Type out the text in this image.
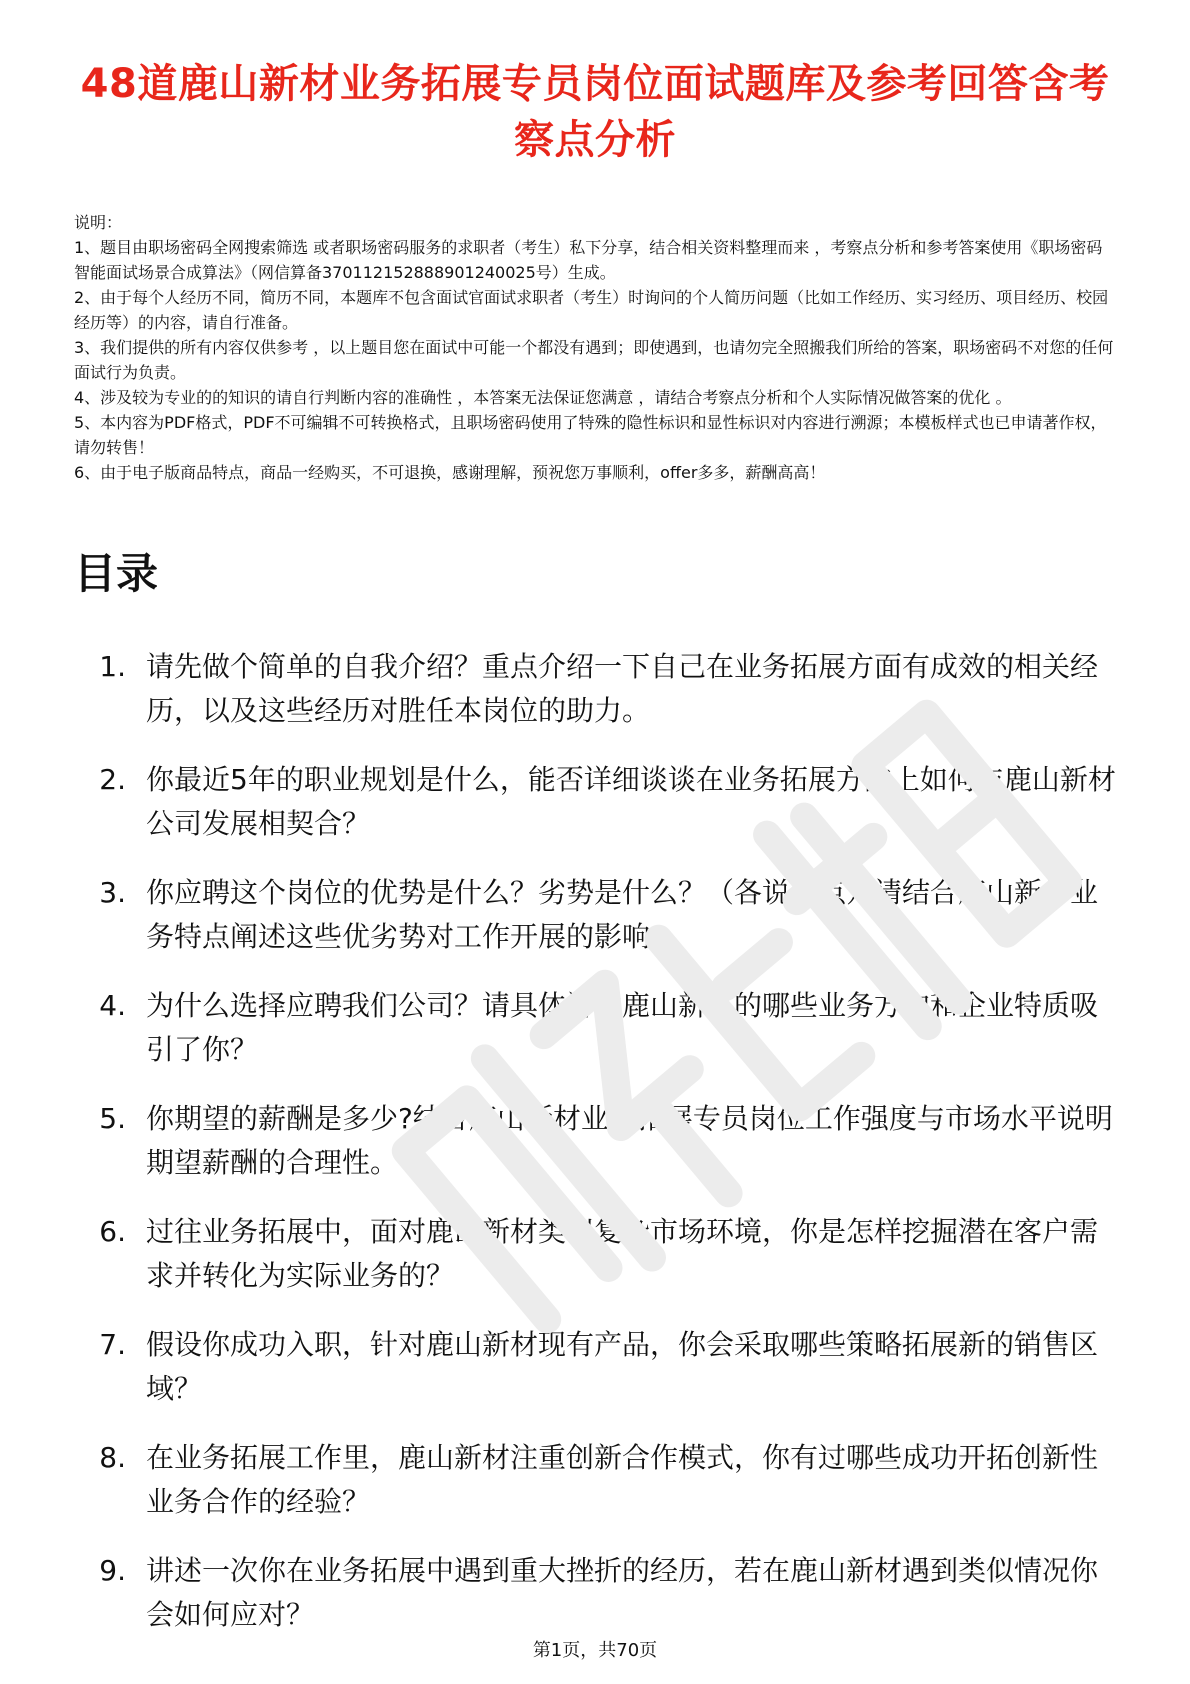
48道鹿山新材业务拓展专员岗位面试题库及参考回答含考察点分析
说明：
1、题目由职场密码全网搜索筛选 或者职场密码服务的求职者（考生）私下分享，结合相关资料整理而来 ，考察点分析和参考答案使用《职场密码智能面试场景合成算法》（网信算备370112152888901240025号）生成。
2、由于每个人经历不同，简历不同，本题库不包含面试官面试求职者（考生）时询问的个人简历问题（比如工作经历、实习经历、项目经历、校园经历等）的内容，请自行准备。
3、我们提供的所有内容仅供参考 ，以上题目您在面试中可能一个都没有遇到；即使遇到，也请勿完全照搬我们所给的答案，职场密码不对您的任何面试行为负责。
4、涉及较为专业的的知识的请自行判断内容的准确性 ，本答案无法保证您满意 ，请结合考察点分析和个人实际情况做答案的优化 。
5、本内容为PDF格式，PDF不可编辑不可转换格式，且职场密码使用了特殊的隐性标识和显性标识对内容进行溯源；本模板样式也已申请著作权，请勿转售！
6、由于电子版商品特点，商品一经购买，不可退换，感谢理解，预祝您万事顺利，offer多多，薪酬高高！
目录
1. 请先做个简单的自我介绍？重点介绍一下自己在业务拓展方面有成效的相关经历，以及这些经历对胜任本岗位的助力。
2. 你最近5年的职业规划是什么，能否详细谈谈在业务拓展方向上如何与鹿山新材公司发展相契合？
3. 你应聘这个岗位的优势是什么？劣势是什么？（各说三点）请结合鹿山新材业务特点阐述这些优劣势对工作开展的影响。
4. 为什么选择应聘我们公司？请具体讲讲鹿山新材的哪些业务方向和企业特质吸引了你？
5. 你期望的薪酬是多少?结合鹿山新材业务拓展专员岗位工作强度与市场水平说明期望薪酬的合理性。
6. 过往业务拓展中，面对鹿山新材类似复杂市场环境，你是怎样挖掘潜在客户需求并转化为实际业务的？
7. 假设你成功入职，针对鹿山新材现有产品，你会采取哪些策略拓展新的销售区域？
8. 在业务拓展工作里，鹿山新材注重创新合作模式，你有过哪些成功开拓创新性业务合作的经验？
9. 讲述一次你在业务拓展中遇到重大挫折的经历，若在鹿山新材遇到类似情况你会如何应对？
第1页，共70页
